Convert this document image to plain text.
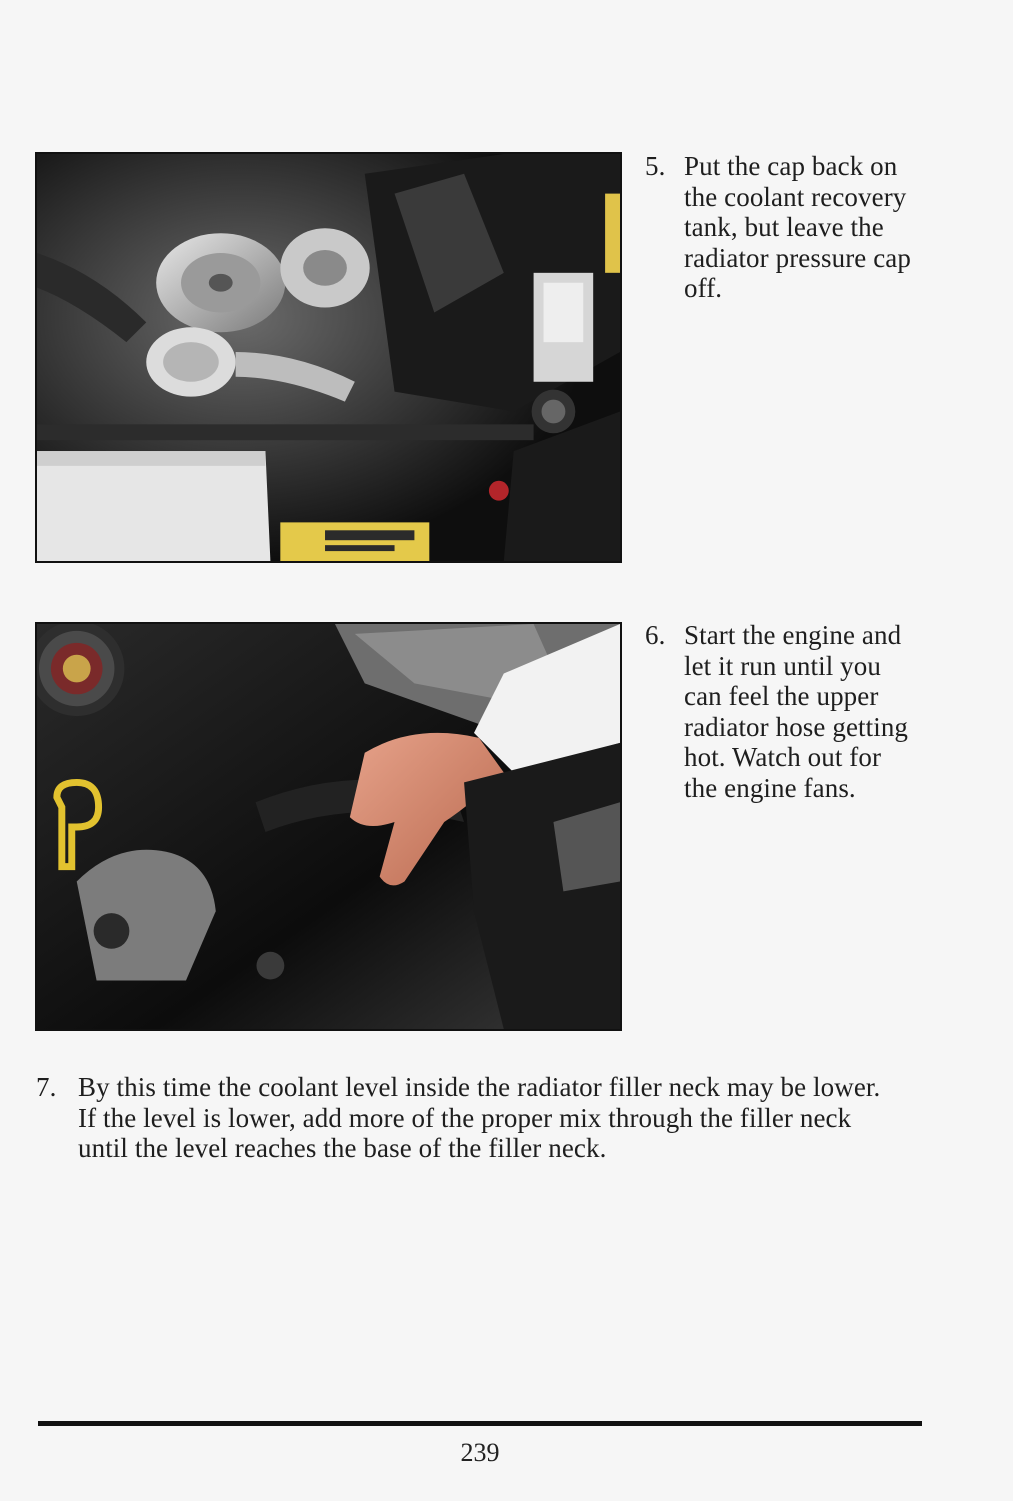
5. Put the cap back on the coolant recovery tank, but leave the radiator pressure cap off.
6. Start the engine and let it run until you can feel the upper radiator hose getting hot. Watch out for the engine fans.
7. By this time the coolant level inside the radiator filler neck may be lower. If the level is lower, add more of the proper mix through the filler neck until the level reaches the base of the filler neck.
239
